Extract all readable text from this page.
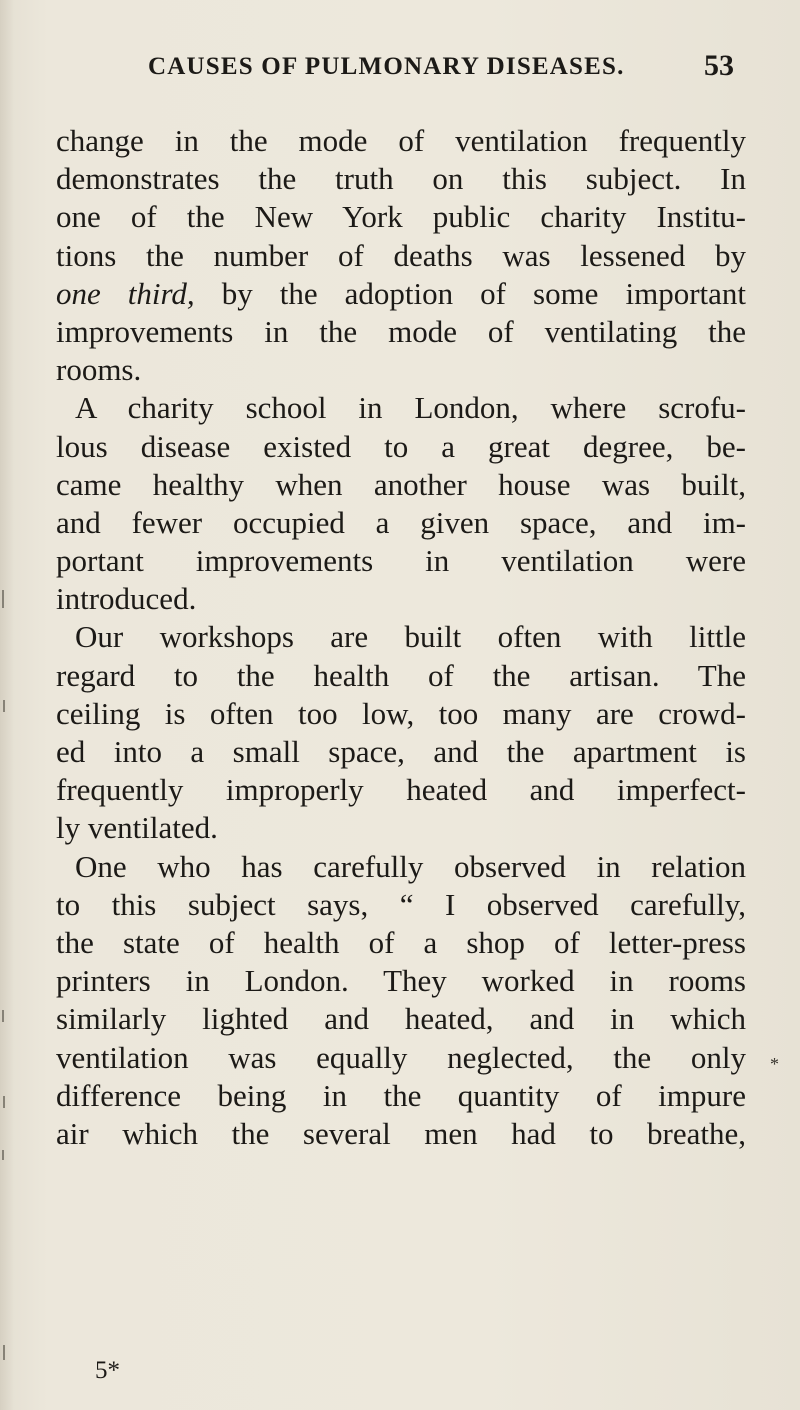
CAUSES OF PULMONARY DISEASES.	53
change in the mode of ventilation frequently
demonstrates the truth on this subject. In
one of the New York public charity Institu-
tions the number of deaths was lessened by
one third, by the adoption of some important
improvements in the mode of ventilating the
rooms.
A charity school in London, where scrofu-
lous disease existed to a great degree, be-
came healthy when another house was built,
and fewer occupied a given space, and im-
portant improvements in ventilation were
introduced.
Our workshops are built often with little
regard to the health of the artisan. The
ceiling is often too low, too many are crowd-
ed into a small space, and the apartment is
frequently improperly heated and imperfect-
ly ventilated.
One who has carefully observed in relation
to this subject says, “ I observed carefully,
the state of health of a shop of letter-press
printers in London. They worked in rooms
similarly lighted and heated, and in which
ventilation was equally neglected, the only
difference being in the quantity of impure
air which the several men had to breathe,
*
5*
